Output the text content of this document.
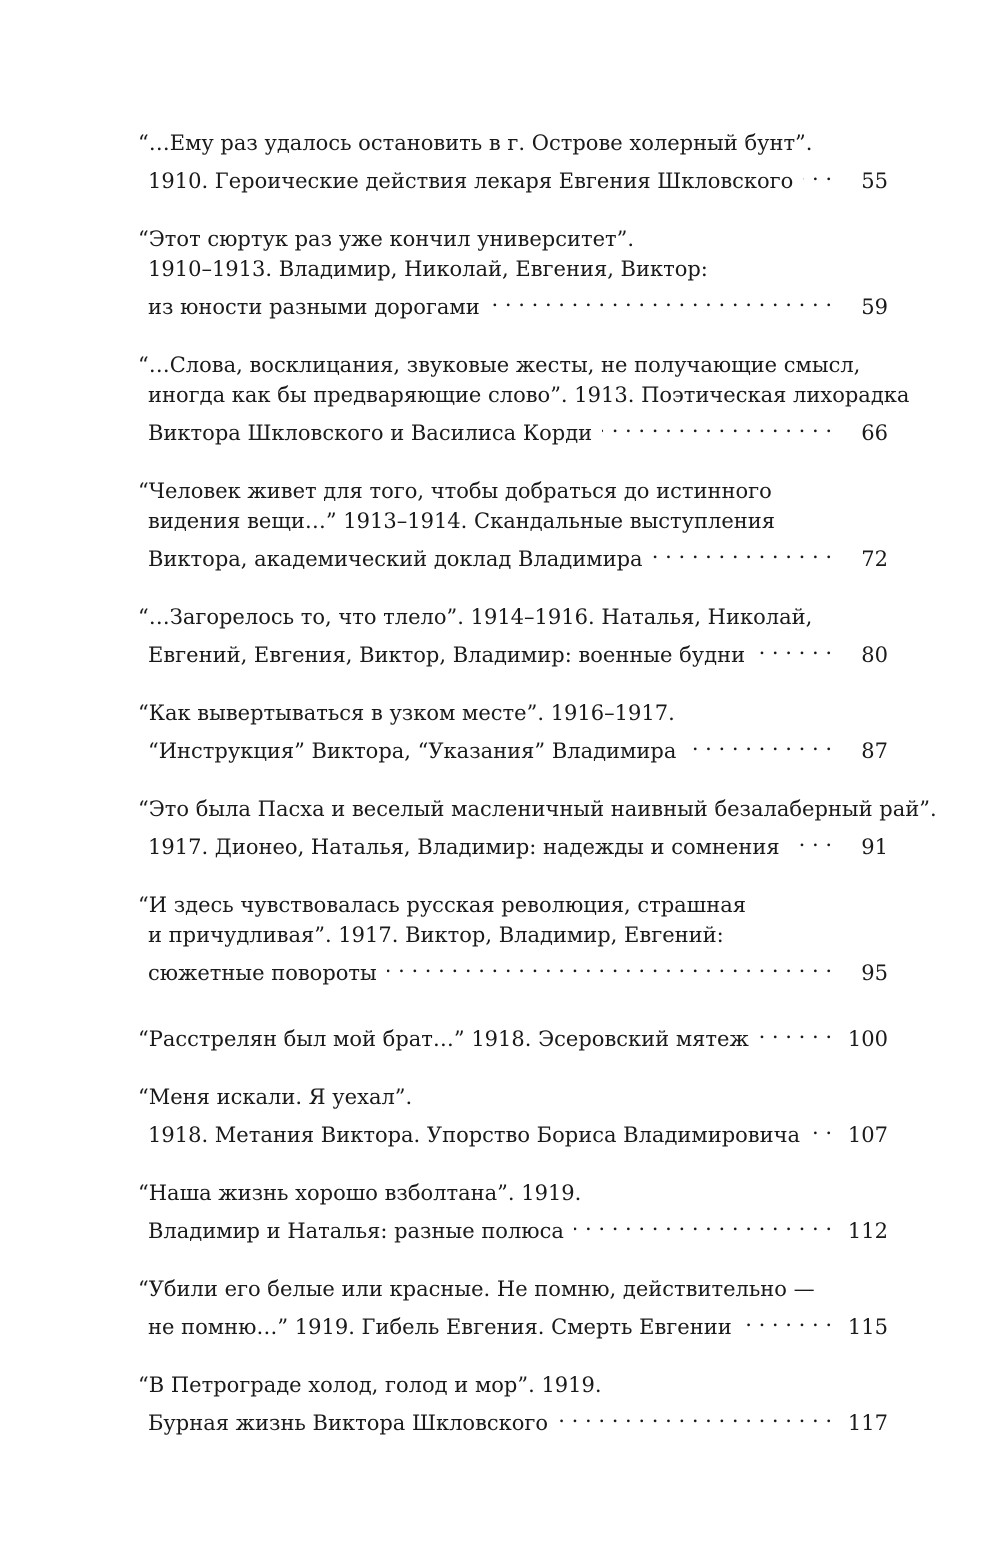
“…Ему раз удалось остановить в г. Острове холерный бунт”.
1910. Героические действия лекаря Евгения Шкловского . . .	55
“Этот сюртук раз уже кончил университет”.
1910–1913. Владимир, Николай, Евгения, Виктор:
из юности разными дорогами . . .	59
“…Слова, восклицания, звуковые жесты, не получающие смысл,
иногда как бы предваряющие слово”. 1913. Поэтическая лихорадка
Виктора Шкловского и Василиса Корди . . .	66
“Человек живет для того, чтобы добраться до истинного
видения вещи…” 1913–1914. Скандальные выступления
Виктора, академический доклад Владимира . . .	72
“…Загорелось то, что тлело”. 1914–1916. Наталья, Николай,
Евгений, Евгения, Виктор, Владимир: военные будни . . .	80
“Как вывертываться в узком месте”. 1916–1917.
“Инструкция” Виктора, “Указания” Владимира . . .	87
“Это была Пасха и веселый масленичный наивный безалаберный рай”.
1917. Дионео, Наталья, Владимир: надежды и сомнения . . .	91
“И здесь чувствовалась русская революция, страшная
и причудливая”. 1917. Виктор, Владимир, Евгений:
сюжетные повороты . . .	95
“Расстрелян был мой брат…” 1918. Эсеровский мятеж . . .	100
“Меня искали. Я уехал”.
1918. Метания Виктора. Упорство Бориса Владимировича . . .	107
“Наша жизнь хорошо взболтана”. 1919.
Владимир и Наталья: разные полюса . . .	112
“Убили его белые или красные. Не помню, действительно —
не помню…” 1919. Гибель Евгения. Смерть Евгении . . .	115
“В Петрограде холод, голод и мор”. 1919.
Бурная жизнь Виктора Шкловского . . .	117
